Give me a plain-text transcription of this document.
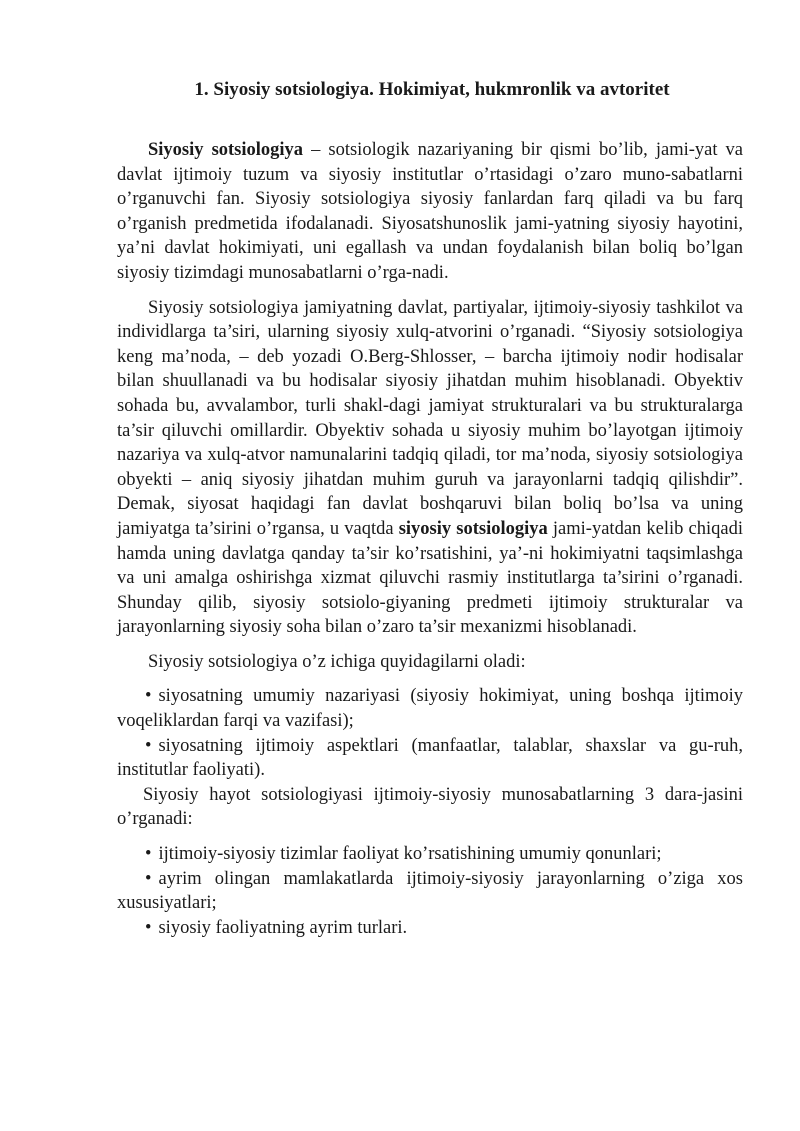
1. Siyosiy sotsiologiya. Hokimiyat, hukmronlik va avtoritet

Siyosiy sotsiologiya – sotsiologik nazariyaning bir qismi bo’lib, jami-yat va davlat ijtimoiy tuzum va siyosiy institutlar o’rtasidagi o’zaro muno-sabatlarni o’rganuvchi fan. Siyosiy sotsiologiya siyosiy fanlardan farq qiladi va bu farq o’rganish predmetida ifodalanadi. Siyosatshunoslik jami-yatning siyosiy hayotini, ya’ni davlat hokimiyati, uni egallash va undan foydalanish bilan boliq bo’lgan siyosiy tizimdagi munosabatlarni o’rga-nadi.

Siyosiy sotsiologiya jamiyatning davlat, partiyalar, ijtimoiy-siyosiy tashkilot va individlarga ta’siri, ularning siyosiy xulq-atvorini o’rganadi. “Siyosiy sotsiologiya keng ma’noda, – deb yozadi O.Berg-Shlosser, – barcha ijtimoiy nodir hodisalar bilan shuullanadi va bu hodisalar siyosiy jihatdan muhim hisoblanadi. Obyektiv sohada bu, avvalambor, turli shakl-dagi jamiyat strukturalari va bu strukturalarga ta’sir qiluvchi omillardir. Obyektiv sohada u siyosiy muhim bo’layotgan ijtimoiy nazariya va xulq-atvor namunalarini tadqiq qiladi, tor ma’noda, siyosiy sotsiologiya obyekti – aniq siyosiy jihatdan muhim guruh va jarayonlarni tadqiq qilishdir”. Demak, siyosat haqidagi fan davlat boshqaruvi bilan boliq bo’lsa va uning jamiyatga ta’sirini o’rgansa, u vaqtda siyosiy sotsiologiya jami-yatdan kelib chiqadi hamda uning davlatga qanday ta’sir ko’rsatishini, ya’-ni hokimiyatni taqsimlashga va uni amalga oshirishga xizmat qiluvchi rasmiy institutlarga ta’sirini o’rganadi. Shunday qilib, siyosiy sotsiolo-giyaning predmeti ijtimoiy strukturalar va jarayonlarning siyosiy soha bilan o’zaro ta’sir mexanizmi hisoblanadi.

Siyosiy sotsiologiya o’z ichiga quyidagilarni oladi:

• siyosatning umumiy nazariyasi (siyosiy hokimiyat, uning boshqa ijtimoiy voqeliklardan farqi va vazifasi);

• siyosatning ijtimoiy aspektlari (manfaatlar, talablar, shaxslar va gu-ruh, institutlar faoliyati).

Siyosiy hayot sotsiologiyasi ijtimoiy-siyosiy munosabatlarning 3 dara-jasini o’rganadi:

• ijtimoiy-siyosiy tizimlar faoliyat ko’rsatishining umumiy qonunlari;

• ayrim olingan mamlakatlarda ijtimoiy-siyosiy jarayonlarning o’ziga xos xususiyatlari;

• siyosiy faoliyatning ayrim turlari.
